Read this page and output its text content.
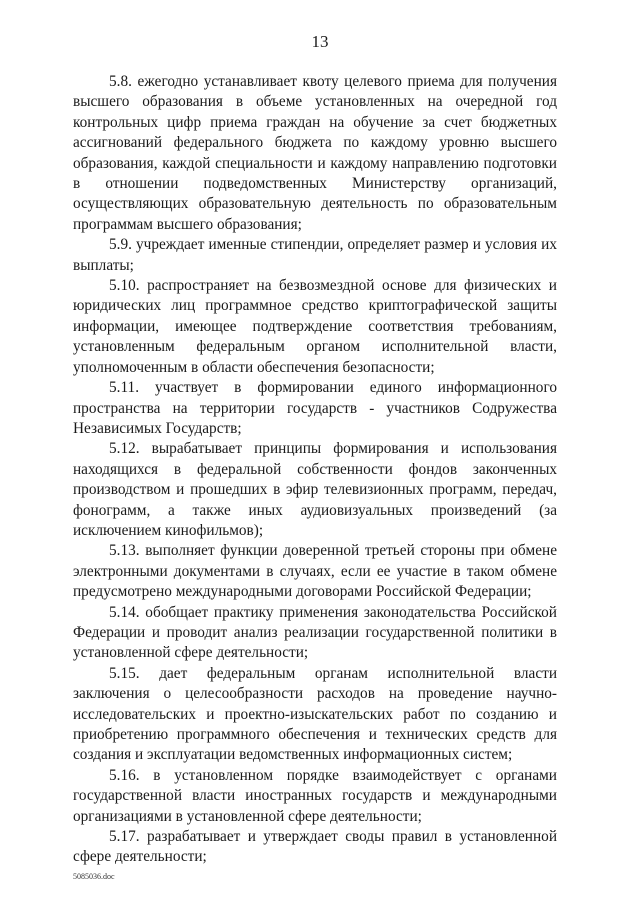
13

5.8. ежегодно устанавливает квоту целевого приема для получения высшего образования в объеме установленных на очередной год контрольных цифр приема граждан на обучение за счет бюджетных ассигнований федерального бюджета по каждому уровню высшего образования, каждой специальности и каждому направлению подготовки в отношении подведомственных Министерству организаций, осуществляющих образовательную деятельность по образовательным программам высшего образования;

5.9. учреждает именные стипендии, определяет размер и условия их выплаты;

5.10. распространяет на безвозмездной основе для физических и юридических лиц программное средство криптографической защиты информации, имеющее подтверждение соответствия требованиям, установленным федеральным органом исполнительной власти, уполномоченным в области обеспечения безопасности;

5.11. участвует в формировании единого информационного пространства на территории государств - участников Содружества Независимых Государств;

5.12. вырабатывает принципы формирования и использования находящихся в федеральной собственности фондов законченных производством и прошедших в эфир телевизионных программ, передач, фонограмм, а также иных аудиовизуальных произведений (за исключением кинофильмов);

5.13. выполняет функции доверенной третьей стороны при обмене электронными документами в случаях, если ее участие в таком обмене предусмотрено международными договорами Российской Федерации;

5.14. обобщает практику применения законодательства Российской Федерации и проводит анализ реализации государственной политики в установленной сфере деятельности;

5.15. дает федеральным органам исполнительной власти заключения о целесообразности расходов на проведение научно-исследовательских и проектно-изыскательских работ по созданию и приобретению программного обеспечения и технических средств для создания и эксплуатации ведомственных информационных систем;

5.16. в установленном порядке взаимодействует с органами государственной власти иностранных государств и международными организациями в установленной сфере деятельности;

5.17. разрабатывает и утверждает своды правил в установленной сфере деятельности;

5085036.doc
